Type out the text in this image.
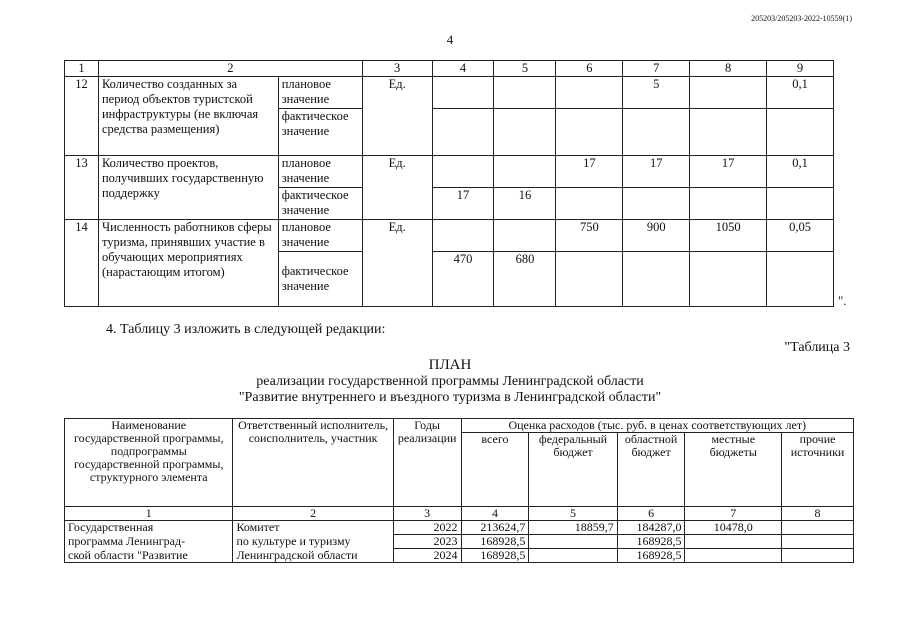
205203/205203-2022-10559(1)
4
1	2		3	4	5	6	7	8	9
12	Количество созданных за период объектов туристской инфраструктуры (не включая средства размещения)	плановое значение	Ед.				5		0,1
		фактическое значение							
13	Количество проектов, получивших государственную поддержку	плановое значение	Ед.			17	17	17	0,1
		фактическое значение		17	16				
14	Численность работников сферы туризма, принявших участие в обучающих мероприятиях (нарастающим итогом)	плановое значение	Ед.			750	900	1050	0,05
		фактическое значение		470	680				
".
4. Таблицу 3 изложить в следующей редакции:
"Таблица 3
ПЛАН
реализации государственной программы Ленинградской области
"Развитие внутреннего и въездного туризма в Ленинградской области"
Наименование государственной программы, подпрограммы государственной программы, структурного элемента	Ответственный исполнитель, соисполнитель, участник	Годы реализации	Оценка расходов (тыс. руб. в ценах соответствующих лет)				
			всего	федеральный бюджет	областной бюджет	местные бюджеты	прочие источники
1	2	3	4	5	6	7	8
Государственная	Комитет	2022	213624,7	18859,7	184287,0	10478,0	
программа Ленинград-	по культуре и туризму	2023	168928,5		168928,5		
ской области "Развитие	Ленинградской области	2024	168928,5		168928,5		
